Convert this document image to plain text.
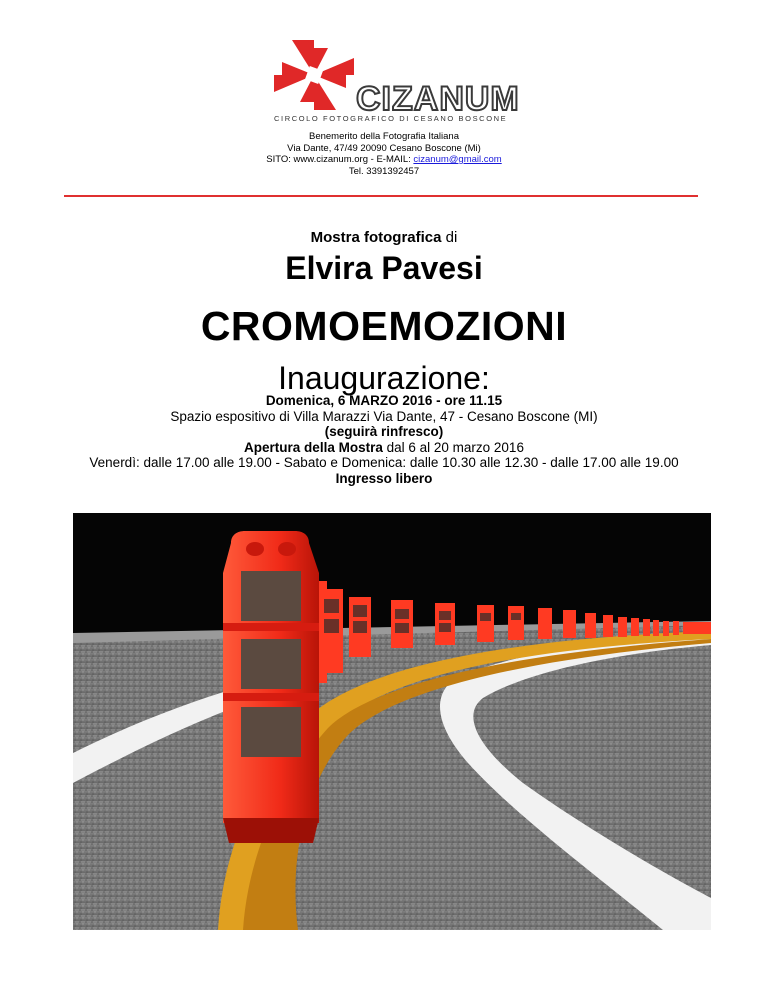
CIZANUM
CIRCOLO FOTOGRAFICO DI CESANO BOSCONE
Benemerito della Fotografia Italiana
Via Dante, 47/49 20090 Cesano Boscone (Mi)
SITO: www.cizanum.org - E-MAIL: cizanum@gmail.com
Tel. 3391392457
Mostra fotografica di
Elvira Pavesi
CROMOEMOZIONI
Inaugurazione:
Domenica, 6 MARZO 2016 - ore 11.15
Spazio espositivo di Villa Marazzi Via Dante, 47 - Cesano Boscone (MI)
(seguirà rinfresco)
Apertura della Mostra dal 6 al 20 marzo 2016
Venerdì: dalle 17.00 alle 19.00 - Sabato e Domenica: dalle 10.30 alle 12.30 - dalle 17.00 alle 19.00
Ingresso libero
